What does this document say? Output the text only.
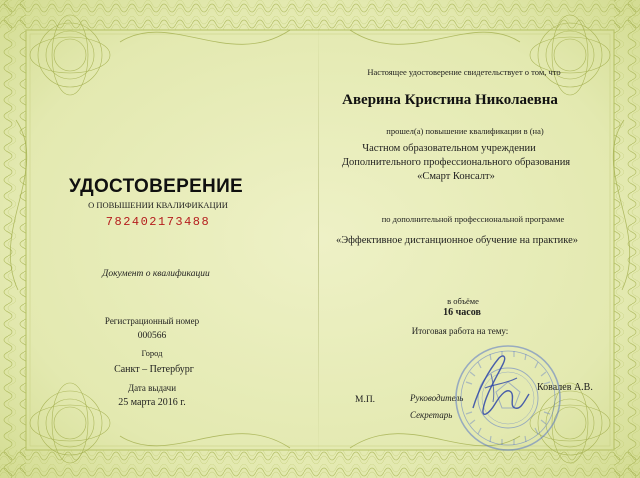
УДОСТОВЕРЕНИЕ
О ПОВЫШЕНИИ КВАЛИФИКАЦИИ
782402173488
Документ о квалификации
Регистрационный номер
000566
Город
Санкт – Петербург
Дата выдачи
25 марта 2016 г.
Настоящее удостоверение свидетельствует о том, что
Аверина Кристина Николаевна
прошел(а) повышение квалификации в (на)
Частном образовательном учреждении
Дополнительного профессионального образования
«Смарт Консалт»
по дополнительной профессиональной программе
«Эффективное дистанционное обучение на практике»
в объёме
16 часов
Итоговая работа на тему:
М.П.	Руководитель
Ковалев А.В.
Секретарь
